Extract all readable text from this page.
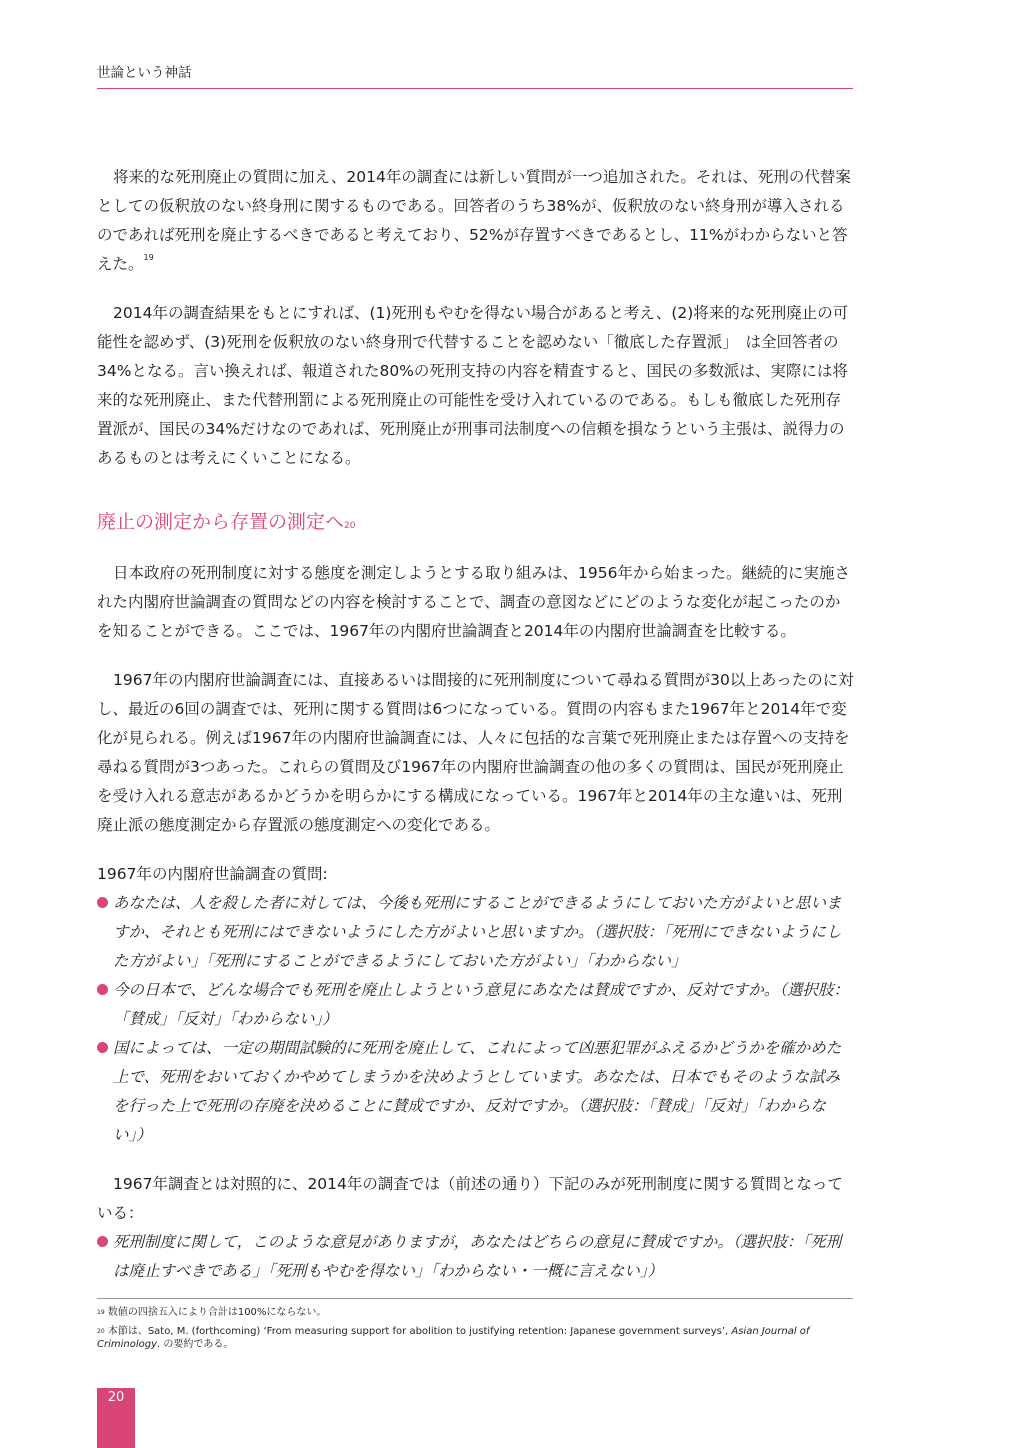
世論という神話

将来的な死刑廃止の質問に加え、2014年の調査には新しい質問が一つ追加された。それは、死刑の代替案としての仮釈放のない終身刑に関するものである。回答者のうち38%が、仮釈放のない終身刑が導入されるのであれば死刑を廃止するべきであると考えており、52%が存置すべきであるとし、11%がわからないと答えた。$^{19}$

2014年の調査結果をもとにすれば、(1)死刑もやむを得ない場合があると考え、(2)将来的な死刑廃止の可能性を認めず、(3)死刑を仮釈放のない終身刑で代替することを認めない「徹底した存置派」　は全回答者の34%となる。言い換えれば、報道された80%の死刑支持の内容を精査すると、国民の多数派は、実際には将来的な死刑廃止、また代替刑罰による死刑廃止の可能性を受け入れているのである。もしも徹底した死刑存置派が、国民の34%だけなのであれば、死刑廃止が刑事司法制度への信頼を損なうという主張は、説得力のあるものとは考えにくいことになる。

廃止の測定から存置の測定へ$^{20}$

日本政府の死刑制度に対する態度を測定しようとする取り組みは、1956年から始まった。継続的に実施された内閣府世論調査の質問などの内容を検討することで、調査の意図などにどのような変化が起こったのかを知ることができる。ここでは、1967年の内閣府世論調査と2014年の内閣府世論調査を比較する。

1967年の内閣府世論調査には、直接あるいは間接的に死刑制度について尋ねる質問が30以上あったのに対し、最近の6回の調査では、死刑に関する質問は6つになっている。質問の内容もまた1967年と2014年で変化が見られる。例えば1967年の内閣府世論調査には、人々に包括的な言葉で死刑廃止または存置への支持を尋ねる質問が3つあった。これらの質問及び1967年の内閣府世論調査の他の多くの質問は、国民が死刑廃止を受け入れる意志があるかどうかを明らかにする構成になっている。1967年と2014年の主な違いは、死刑廃止派の態度測定から存置派の態度測定への変化である。

1967年の内閣府世論調査の質問:

あなたは、人を殺した者に対しては、今後も死刑にすることができるようにしておいた方がよいと思いますか、それとも死刑にはできないようにした方がよいと思いますか。（選択肢：「死刑にできないようにした方がよい」「死刑にすることができるようにしておいた方がよい」「わからない」
今の日本で、どんな場合でも死刑を廃止しようという意見にあなたは賛成ですか、反対ですか。（選択肢：「賛成」「反対」「わからない」）
国によっては、一定の期間試験的に死刑を廃止して、これによって凶悪犯罪がふえるかどうかを確かめた上で、死刑をおいておくかやめてしまうかを決めようとしています。あなたは、日本でもそのような試みを行った上で死刑の存廃を決めることに賛成ですか、反対ですか。（選択肢：「賛成」「反対」「わからない」）

1967年調査とは対照的に、2014年の調査では（前述の通り）下記のみが死刑制度に関する質問となっている：

死刑制度に関して，このような意見がありますが，あなたはどちらの意見に賛成ですか。（選択肢：「死刑は廃止すべきである」「死刑もやむを得ない」「わからない・一概に言えない」）

$^{19}$ 数値の四捨五入により合計は100%にならない。

$^{20}$ 本節は、Sato, M. (forthcoming) ‘From measuring support for abolition to justifying retention: Japanese government surveys’, Asian Journal of Criminology. の要約である。

20
